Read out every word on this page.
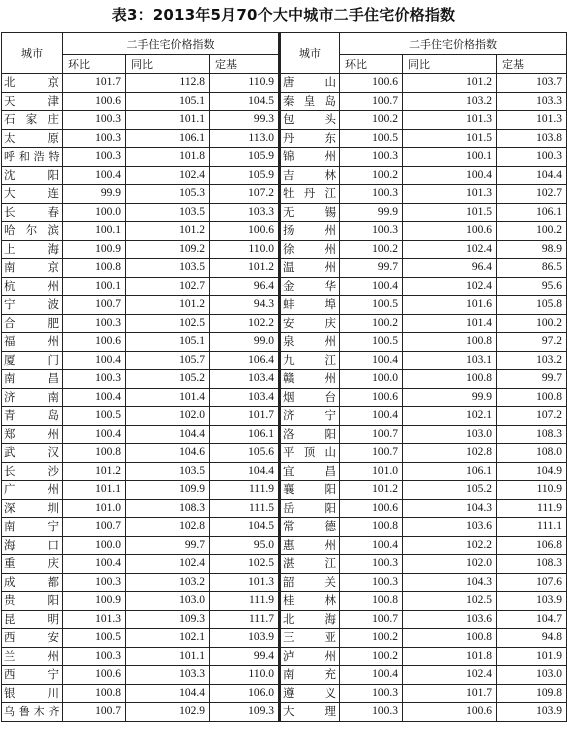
表3：2013年5月70个大中城市二手住宅价格指数
城市	二手住宅价格指数			城市	二手住宅价格指数		
	环比	同比	定基		环比	同比	定基
北　　京	101.7	112.8	110.9	唐　　山	100.6	101.2	103.7
天　　津	100.6	105.1	104.5	秦 皇 岛	100.7	103.2	103.3
石 家 庄	100.3	101.1	99.3	包　　头	100.2	101.3	101.3
太　　原	100.3	106.1	113.0	丹　　东	100.5	101.5	103.8
呼和浩特	100.3	101.8	105.9	锦　　州	100.3	100.1	100.3
沈　　阳	100.4	102.4	105.9	吉　　林	100.2	100.4	104.4
大　　连	99.9	105.3	107.2	牡 丹 江	100.3	101.3	102.7
长　　春	100.0	103.5	103.3	无　　锡	99.9	101.5	106.1
哈 尔 滨	100.1	101.2	100.6	扬　　州	100.3	100.6	100.2
上　　海	100.9	109.2	110.0	徐　　州	100.2	102.4	98.9
南　　京	100.8	103.5	101.2	温　　州	99.7	96.4	86.5
杭　　州	100.1	102.7	96.4	金　　华	100.4	102.4	95.6
宁　　波	100.7	101.2	94.3	蚌　　埠	100.5	101.6	105.8
合　　肥	100.3	102.5	102.2	安　　庆	100.2	101.4	100.2
福　　州	100.6	105.1	99.0	泉　　州	100.5	100.8	97.2
厦　　门	100.4	105.7	106.4	九　　江	100.4	103.1	103.2
南　　昌	100.3	105.2	103.4	赣　　州	100.0	100.8	99.7
济　　南	100.4	101.4	103.4	烟　　台	100.6	99.9	100.8
青　　岛	100.5	102.0	101.7	济　　宁	100.4	102.1	107.2
郑　　州	100.4	104.4	106.1	洛　　阳	100.7	103.0	108.3
武　　汉	100.8	104.6	105.6	平 顶 山	100.7	102.8	108.0
长　　沙	101.2	103.5	104.4	宜　　昌	101.0	106.1	104.9
广　　州	101.1	109.9	111.9	襄　　阳	101.2	105.2	110.9
深　　圳	101.0	108.3	111.5	岳　　阳	100.6	104.3	111.9
南　　宁	100.7	102.8	104.5	常　　德	100.8	103.6	111.1
海　　口	100.0	99.7	95.0	惠　　州	100.4	102.2	106.8
重　　庆	100.4	102.4	102.5	湛　　江	100.3	102.0	108.3
成　　都	100.3	103.2	101.3	韶　　关	100.3	104.3	107.6
贵　　阳	100.9	103.0	111.9	桂　　林	100.8	102.5	103.9
昆　　明	101.3	109.3	111.7	北　　海	100.7	103.6	104.7
西　　安	100.5	102.1	103.9	三　　亚	100.2	100.8	94.8
兰　　州	100.3	101.1	99.4	泸　　州	100.2	101.8	101.9
西　　宁	100.6	103.3	110.0	南　　充	100.4	102.4	103.0
银　　川	100.8	104.4	106.0	遵　　义	100.3	101.7	109.8
乌鲁木齐	100.7	102.9	109.3	大　　理	100.3	100.6	103.9
